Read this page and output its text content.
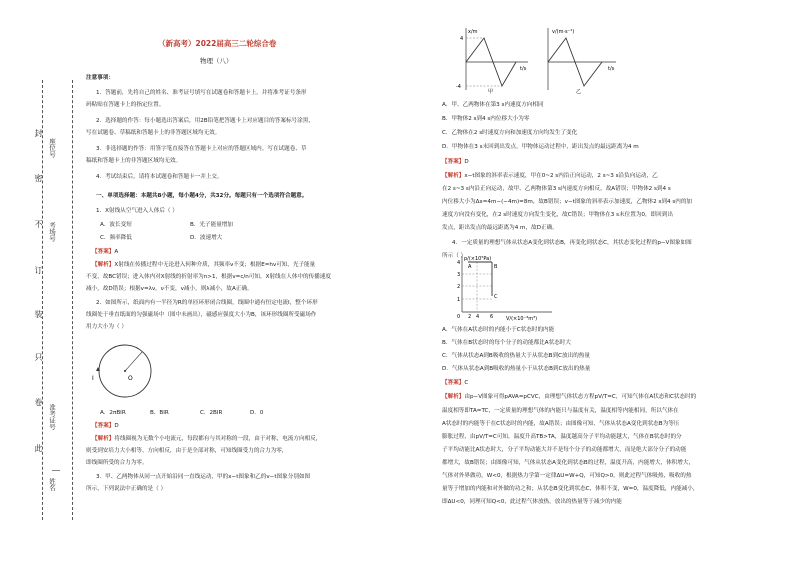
姓名
准考证号
考场号
座位号
封
密
不
订
装
只
卷
此
（新高考）2022届高三二轮综合卷
物理（八）
注意事项：
1．答题前，先将自己的姓名、准考证号填写在试题卷和答题卡上，并将准考证号条形
码粘贴在答题卡上的指定位置。
2．选择题的作答：每小题选出答案后，用2B铅笔把答题卡上对应题目的答案标号涂黑，
写在试题卷、草稿纸和答题卡上的非答题区域均无效。
3．非选择题的作答：用签字笔直接答在答题卡上对应的答题区域内。写在试题卷、草
稿纸和答题卡上的非答题区域均无效。
4．考试结束后，请将本试题卷和答题卡一并上交。
一、单项选择题：本题共8小题，每小题4分，共32分。每题只有一个选项符合题意。
1．X射线从空气进入人体后（ ）
A．波长变短	B．光子能量增加
C．频率降低	D．波速增大
【答案】A
【解析】X射线在传播过程中无论进入何种介质，其频率ν不变；根据E=hν可知，光子能量
不变，故BC错误；进入体内对X射线的折射率为n>1，根据v=c/n可知，X射线在人体中的传播速度
减小，故D错误；根据v=λν，ν不变，v减小，则λ减小，故A正确。
2．如图所示，纸面内有一半径为R的单匝环形闭合线圈，线圈中通有恒定电流I，整个环形
线圈处于垂直纸面的匀强磁场中（图中未画出），磁感应强度大小为B，该环形线圈所受磁场作
用力大小为（ ）
I	O
A．2πBIR	B．BIR	C．2BIR	D．0
【答案】D
【解析】将线圈视为无数个小电流元，每段都有与其对称的一段，由于对称，电流方向相反，
则受到安培力大小相等、方向相反，由于是全部对称，可知线圈受力的合力为零，
即线圈所受的合力为零。
3．甲、乙两物体从同一点开始沿同一直线运动，甲的x−t图象和乙的v−t图象分别如图
所示，下列说法中正确的是（ ）
x/m
t/s
4
-4
甲
v/(m·s⁻¹)
t/s
乙
A．甲、乙两物体在第3 s内速度方向相同
B．甲物体2 s到4 s内位移大小为零
C．乙物体在2 s时速度方向和加速度方向均发生了变化
D．甲物体在3 s末回到出发点，甲物体运动过程中，距出发点的最远距离为4 m
【答案】D
【解析】x−t图象的斜率表示速度，甲在0~2 s内沿正向运动，2 s~3 s沿负向运动，乙
在2 s~3 s内沿正向运动，故甲、乙两物体第3 s内速度方向相反，故A错误；甲物体2 s到4 s
内位移大小为Δx=4m−(−4m)=8m，故B错误；v−t图象的斜率表示加速度，乙物体2 s到4 s内的加
速度方向没有变化，在2 s时速度方向发生变化，故C错误；甲物体在3 s末位置为0，即回到出
发点，距出发点的最远距离为4 m，故D正确。
4．一定质量的理想气体从状态A变化到状态B，再变化到状态C，其状态变化过程的p−V图象如图
所示（ ）
p/(×10⁵Pa)
V/(×10⁻³m³)
A	B
C
4
3
2
1
0 2 4 6
A．气体在A状态时的内能小于C状态时的内能
B．气体在B状态时的每个分子的动能都比A状态时大
C．气体从状态A到B吸收的热量大于从状态B到C放出的热量
D．气体从状态A到B吸收的热量小于从状态B到C放出的热量
【答案】C
【解析】由p−V图象可得pAVA=pCVC，由理想气体状态方程pV/T=C，可知气体在A状态和C状态时的
温度相等即TA=TC，一定质量的理想气体的内能只与温度有关，温度相等内能相同，所以气体在
A状态时的内能等于在C状态时的内能，故A错误；由图像可知，气体从状态A变化到状态B为等压
膨胀过程，由pV/T=C可知，温度升高TB>TA，温度越高分子平均动能越大，气体在B状态时的分
子平均动能比A状态时大，分子平均动能大并不是每个分子的动能都增大，而是绝大部分分子的动能
都增大，故B错误；由图像可知，气体从状态A变化到状态B的过程，温度升高，内能增大，体积增大，
气体对外界做功，W<0，根据热力学第一定律ΔU=W+Q，可知Q>0，则此过程气体吸热，吸收的热
量等于增加的内能和对外做的功之和；从状态B变化到状态C，体积不变，W=0，温度降低，内能减小，
即ΔU<0，同理可知Q<0，此过程气体放热，放出的热量等于减少的内能
